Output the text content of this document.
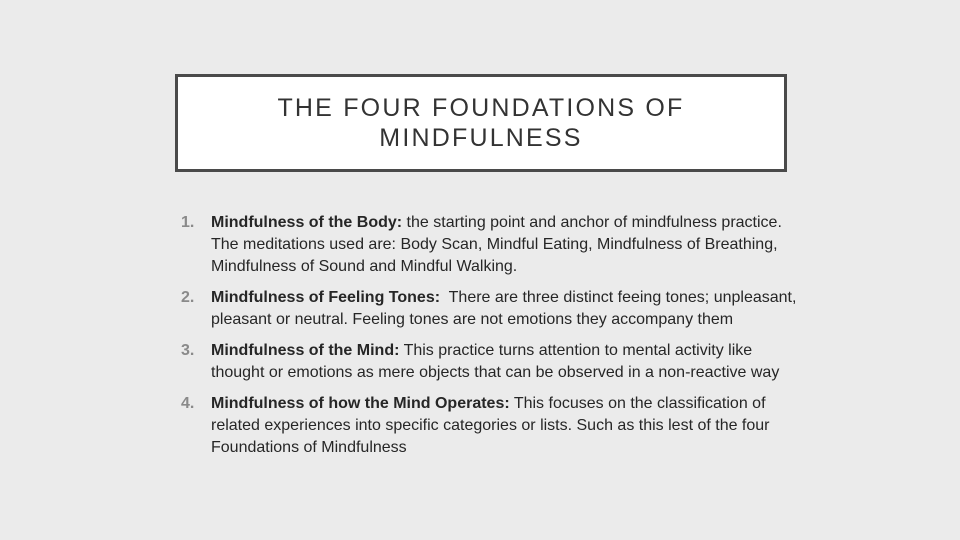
THE FOUR FOUNDATIONS OF MINDFULNESS
1.	Mindfulness of the Body: the starting point and anchor of mindfulness practice. The meditations used are: Body Scan, Mindful Eating, Mindfulness of Breathing, Mindfulness of Sound and Mindful Walking.
2.	Mindfulness of Feeling Tones:  There are three distinct feeing tones; unpleasant, pleasant or neutral. Feeling tones are not emotions they accompany them
3.	Mindfulness of the Mind: This practice turns attention to mental activity like thought or emotions as mere objects that can be observed in a non-reactive way
4.	Mindfulness of how the Mind Operates: This focuses on the classification of related experiences into specific categories or lists. Such as this lest of the four Foundations of Mindfulness
